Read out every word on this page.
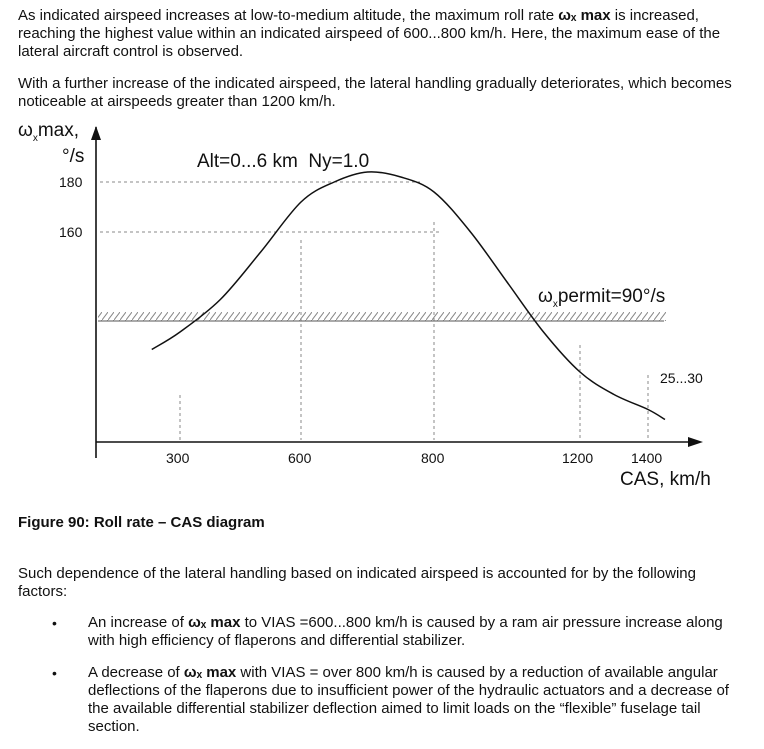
As indicated airspeed increases at low-to-medium altitude, the maximum roll rate ωₓ max is increased, reaching the highest value within an indicated airspeed of 600...800 km/h. Here, the maximum ease of the lateral aircraft control is observed.

With a further increase of the indicated airspeed, the lateral handling gradually deteriorates, which becomes noticeable at airspeeds greater than 1200 km/h.

$\omega_x\max$,
°/s	Alt=0...6 km  Ny=1.0
180
160
$\omega_xpermit=90^\circ/s$
25...30
300	600	800	1200	1400
CAS, km/h

Figure 90: Roll rate – CAS diagram

Such dependence of the lateral handling based on indicated airspeed is accounted for by the following factors:

• An increase of ωₓ max to VIAS =600...800 km/h is caused by a ram air pressure increase along with high efficiency of flaperons and differential stabilizer.
• A decrease of ωₓ max with VIAS = over 800 km/h is caused by a reduction of available angular deflections of the flaperons due to insufficient power of the hydraulic actuators and a decrease of the available differential stabilizer deflection aimed to limit loads on the “flexible” fuselage tail section.
